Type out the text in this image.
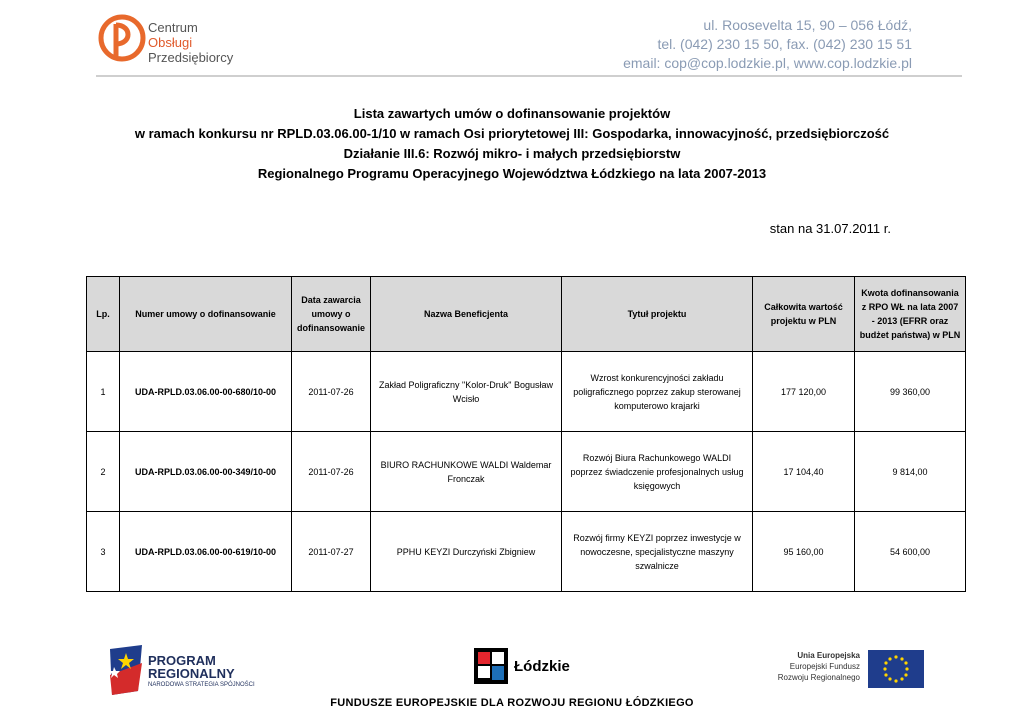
Centrum
Obsługi
Przedsiębiorcy
ul. Roosevelta 15, 90 – 056 Łódź,
tel. (042) 230 15 50, fax. (042) 230 15 51
email: cop@cop.lodzkie.pl, www.cop.lodzkie.pl
Lista zawartych umów o dofinansowanie projektów
w ramach konkursu nr RPLD.03.06.00-1/10 w ramach Osi priorytetowej III: Gospodarka, innowacyjność, przedsiębiorczość
Działanie III.6: Rozwój mikro- i małych przedsiębiorstw
Regionalnego Programu Operacyjnego Województwa Łódzkiego na lata 2007-2013
stan na 31.07.2011 r.
Lp.	Numer umowy o dofinansowanie	Data zawarcia umowy o dofinansowanie	Nazwa Beneficjenta	Tytuł projektu	Całkowita wartość projektu w PLN	Kwota dofinansowania z RPO WŁ na lata 2007 - 2013 (EFRR oraz budżet państwa) w PLN
1	UDA-RPLD.03.06.00-00-680/10-00	2011-07-26	Zakład Poligraficzny "Kolor-Druk" Bogusław Wcisło	Wzrost konkurencyjności zakładu poligraficznego poprzez zakup sterowanej komputerowo krajarki	177 120,00	99 360,00
2	UDA-RPLD.03.06.00-00-349/10-00	2011-07-26	BIURO RACHUNKOWE WALDI Waldemar Fronczak	Rozwój Biura Rachunkowego WALDI poprzez świadczenie profesjonalnych usług księgowych	17 104,40	9 814,00
3	UDA-RPLD.03.06.00-00-619/10-00	2011-07-27	PPHU KEYZI Durczyński Zbigniew	Rozwój firmy KEYZI poprzez inwestycje w nowoczesne, specjalistyczne maszyny szwalnicze	95 160,00	54 600,00
PROGRAM
REGIONALNY
NARODOWA STRATEGIA SPÓJNOŚCI
Łódzkie
Unia Europejska
Europejski Fundusz
Rozwoju Regionalnego
FUNDUSZE EUROPEJSKIE DLA ROZWOJU REGIONU ŁÓDZKIEGO
